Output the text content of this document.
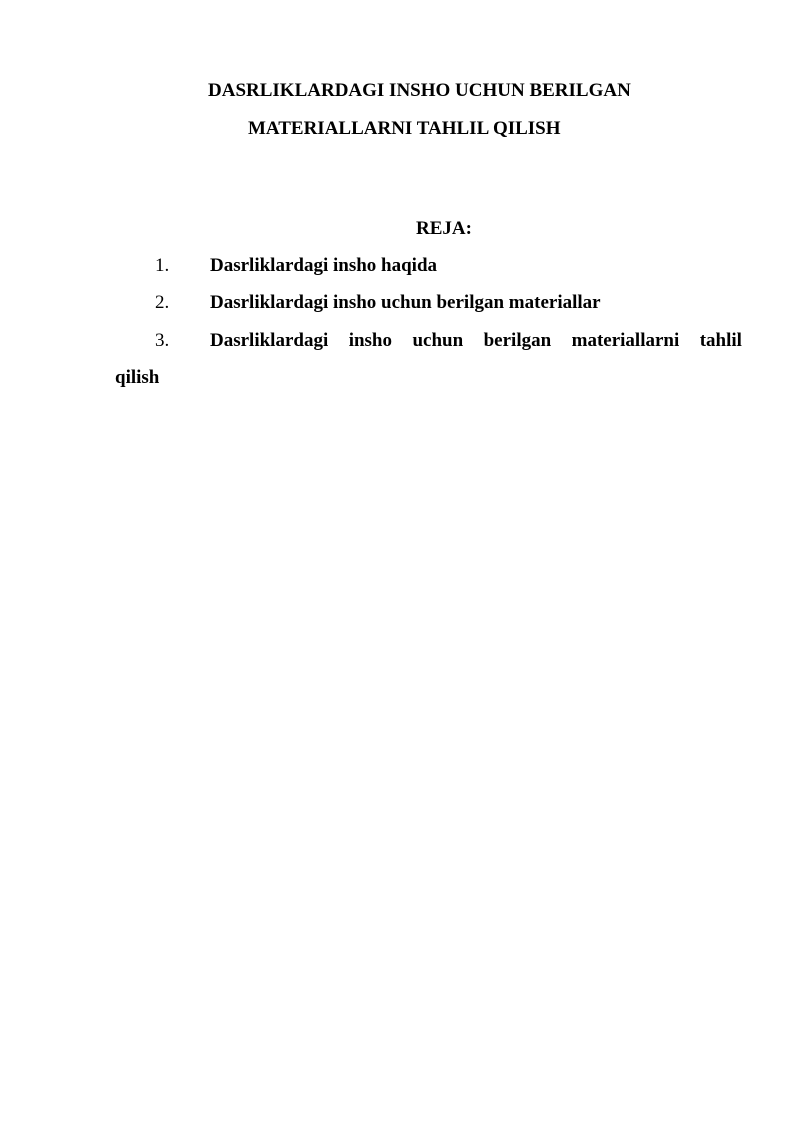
DASRLIKLARDAGI INSHO UCHUN BERILGAN
MATERIALLARNI TAHLIL QILISH
REJA:
1. Dasrliklardagi insho haqida
2. Dasrliklardagi insho uchun berilgan materiallar
3. Dasrliklardagi insho uchun berilgan materiallarni tahlil
qilish
